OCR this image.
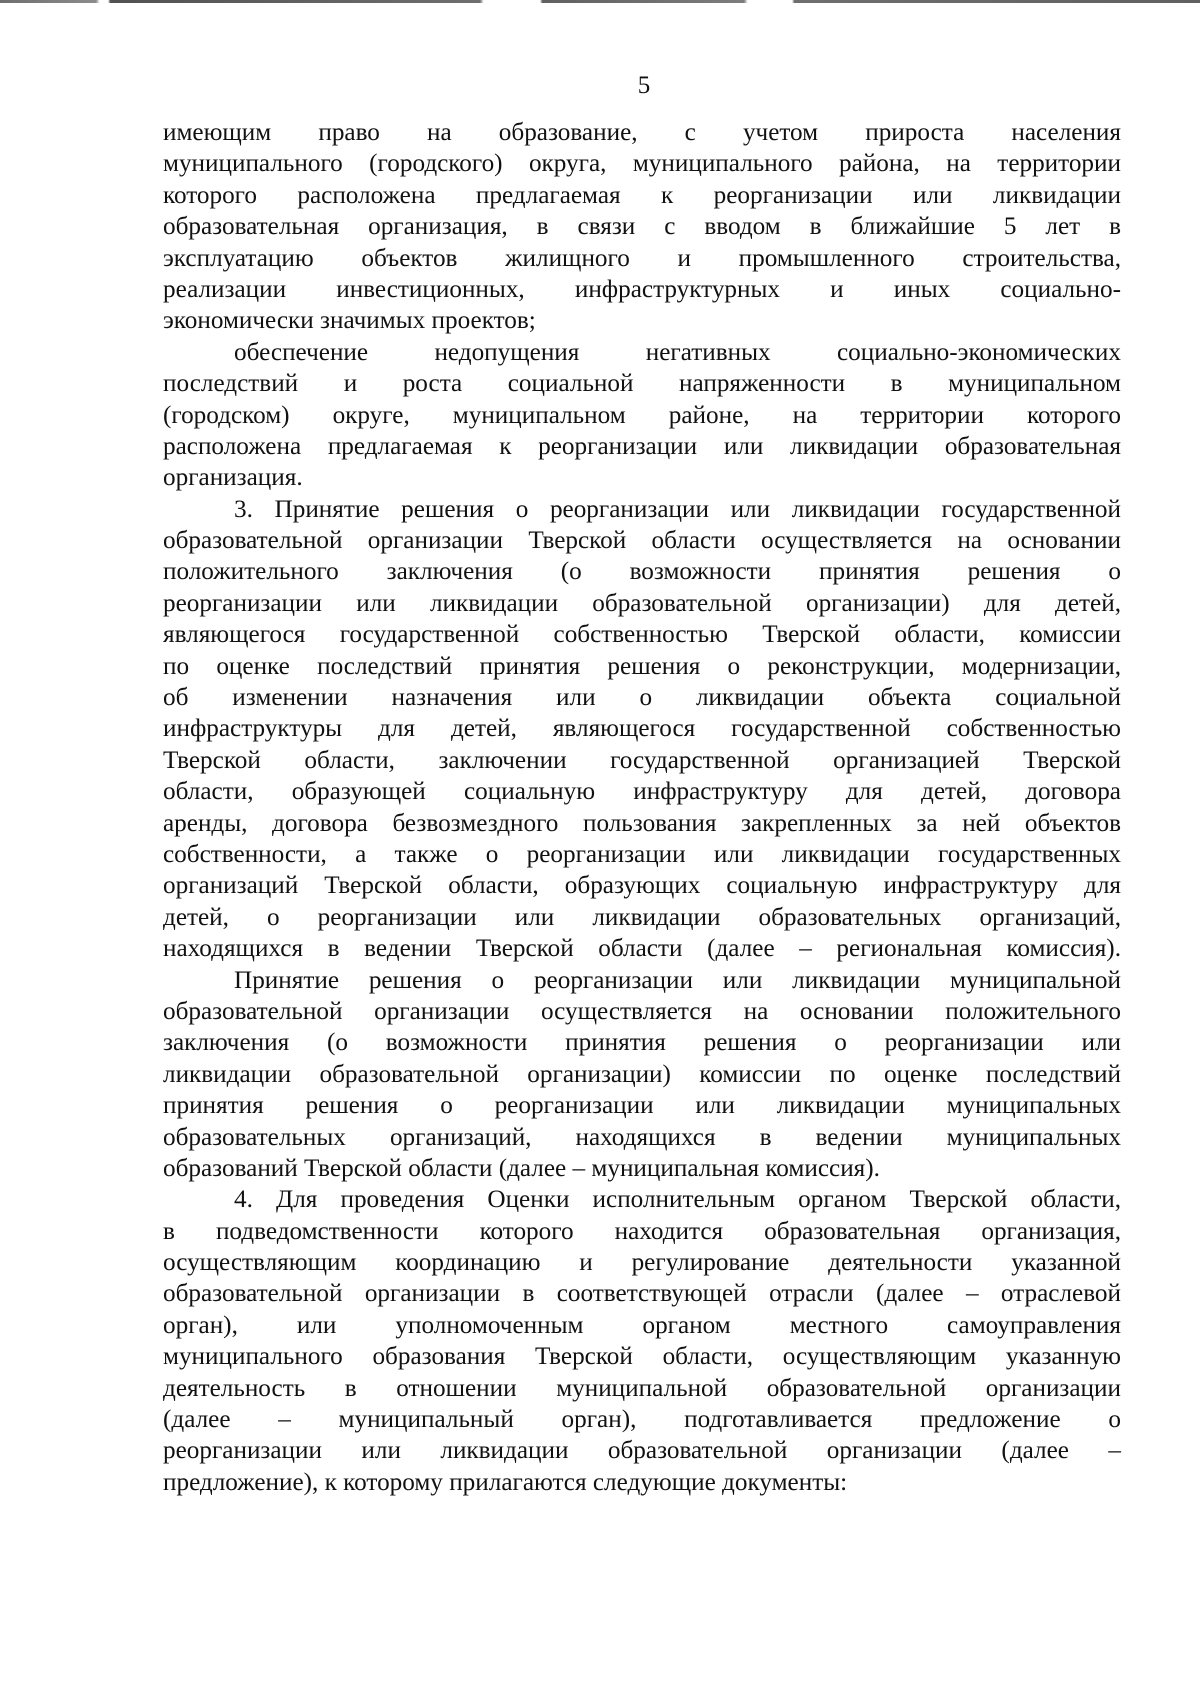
5
имеющим право на образование, с учетом прироста населения
муниципального (городского) округа, муниципального района, на территории
которого расположена предлагаемая к реорганизации или ликвидации
образовательная организация, в связи с вводом в ближайшие 5 лет в
эксплуатацию объектов жилищного и промышленного строительства,
реализации инвестиционных, инфраструктурных и иных социально-
экономически значимых проектов;
обеспечение недопущения негативных социально-экономических
последствий и роста социальной напряженности в муниципальном
(городском) округе, муниципальном районе, на территории которого
расположена предлагаемая к реорганизации или ликвидации образовательная
организация.
3. Принятие решения о реорганизации или ликвидации государственной
образовательной организации Тверской области осуществляется на основании
положительного заключения (о возможности принятия решения о
реорганизации или ликвидации образовательной организации) для детей,
являющегося государственной собственностью Тверской области, комиссии
по оценке последствий принятия решения о реконструкции, модернизации,
об изменении назначения или о ликвидации объекта социальной
инфраструктуры для детей, являющегося государственной собственностью
Тверской области, заключении государственной организацией Тверской
области, образующей социальную инфраструктуру для детей, договора
аренды, договора безвозмездного пользования закрепленных за ней объектов
собственности, а также о реорганизации или ликвидации государственных
организаций Тверской области, образующих социальную инфраструктуру для
детей, о реорганизации или ликвидации образовательных организаций,
находящихся в ведении Тверской области (далее – региональная комиссия).
Принятие решения о реорганизации или ликвидации муниципальной
образовательной организации осуществляется на основании положительного
заключения (о возможности принятия решения о реорганизации или
ликвидации образовательной организации) комиссии по оценке последствий
принятия решения о реорганизации или ликвидации муниципальных
образовательных организаций, находящихся в ведении муниципальных
образований Тверской области (далее – муниципальная комиссия).
4. Для проведения Оценки исполнительным органом Тверской области,
в подведомственности которого находится образовательная организация,
осуществляющим координацию и регулирование деятельности указанной
образовательной организации в соответствующей отрасли (далее – отраслевой
орган), или уполномоченным органом местного самоуправления
муниципального образования Тверской области, осуществляющим указанную
деятельность в отношении муниципальной образовательной организации
(далее – муниципальный орган), подготавливается предложение о
реорганизации или ликвидации образовательной организации (далее –
предложение), к которому прилагаются следующие документы:
